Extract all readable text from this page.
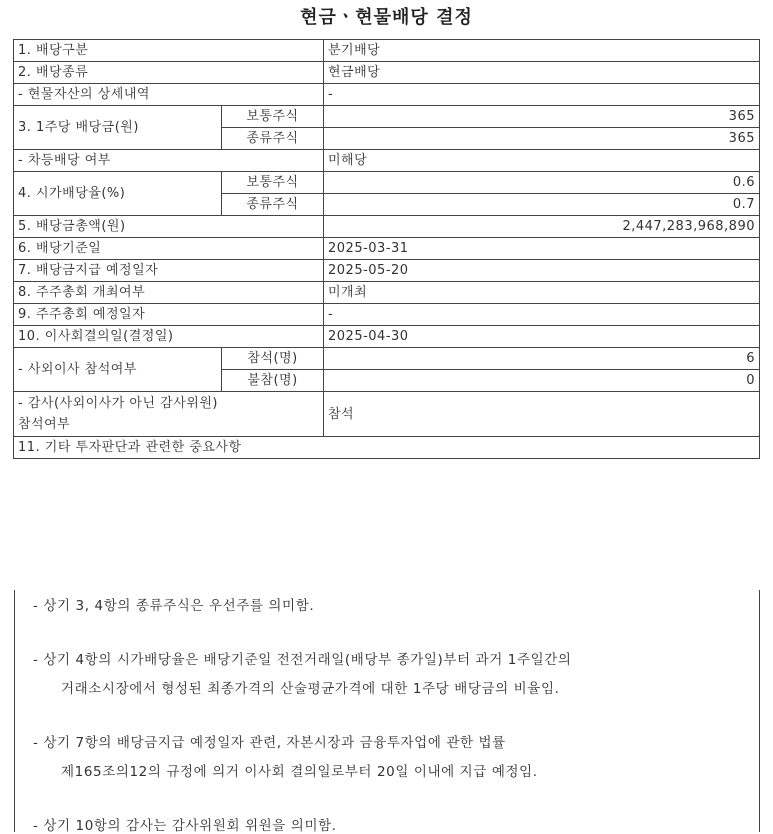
현금ㆍ현물배당 결정
1. 배당구분		분기배당
2. 배당종류		현금배당
- 현물자산의 상세내역		-
3. 1주당 배당금(원)	보통주식	365
	종류주식	365
- 차등배당 여부		미해당
4. 시가배당율(%)	보통주식	0.6
	종류주식	0.7
5. 배당금총액(원)		2,447,283,968,890
6. 배당기준일		2025-03-31
7. 배당금지급 예정일자		2025-05-20
8. 주주총회 개최여부		미개최
9. 주주총회 예정일자		-
10. 이사회결의일(결정일)		2025-04-30
- 사외이사 참석여부	참석(명)	6
	불참(명)	0

- 감사(사외이사가 아닌 감사위원)
참석여부		참석
11. 기타 투자판단과 관련한 중요사항		
- 상기 3, 4항의 종류주식은 우선주를 의미함.
- 상기 4항의 시가배당율은 배당기준일 전전거래일(배당부 종가일)부터 과거 1주일간의
거래소시장에서 형성된 최종가격의 산술평균가격에 대한 1주당 배당금의 비율임.
- 상기 7항의 배당금지급 예정일자 관련, 자본시장과 금융투자업에 관한 법률
제165조의12의 규정에 의거 이사회 결의일로부터 20일 이내에 지급 예정임.
- 상기 10항의 감사는 감사위원회 위원을 의미함.
